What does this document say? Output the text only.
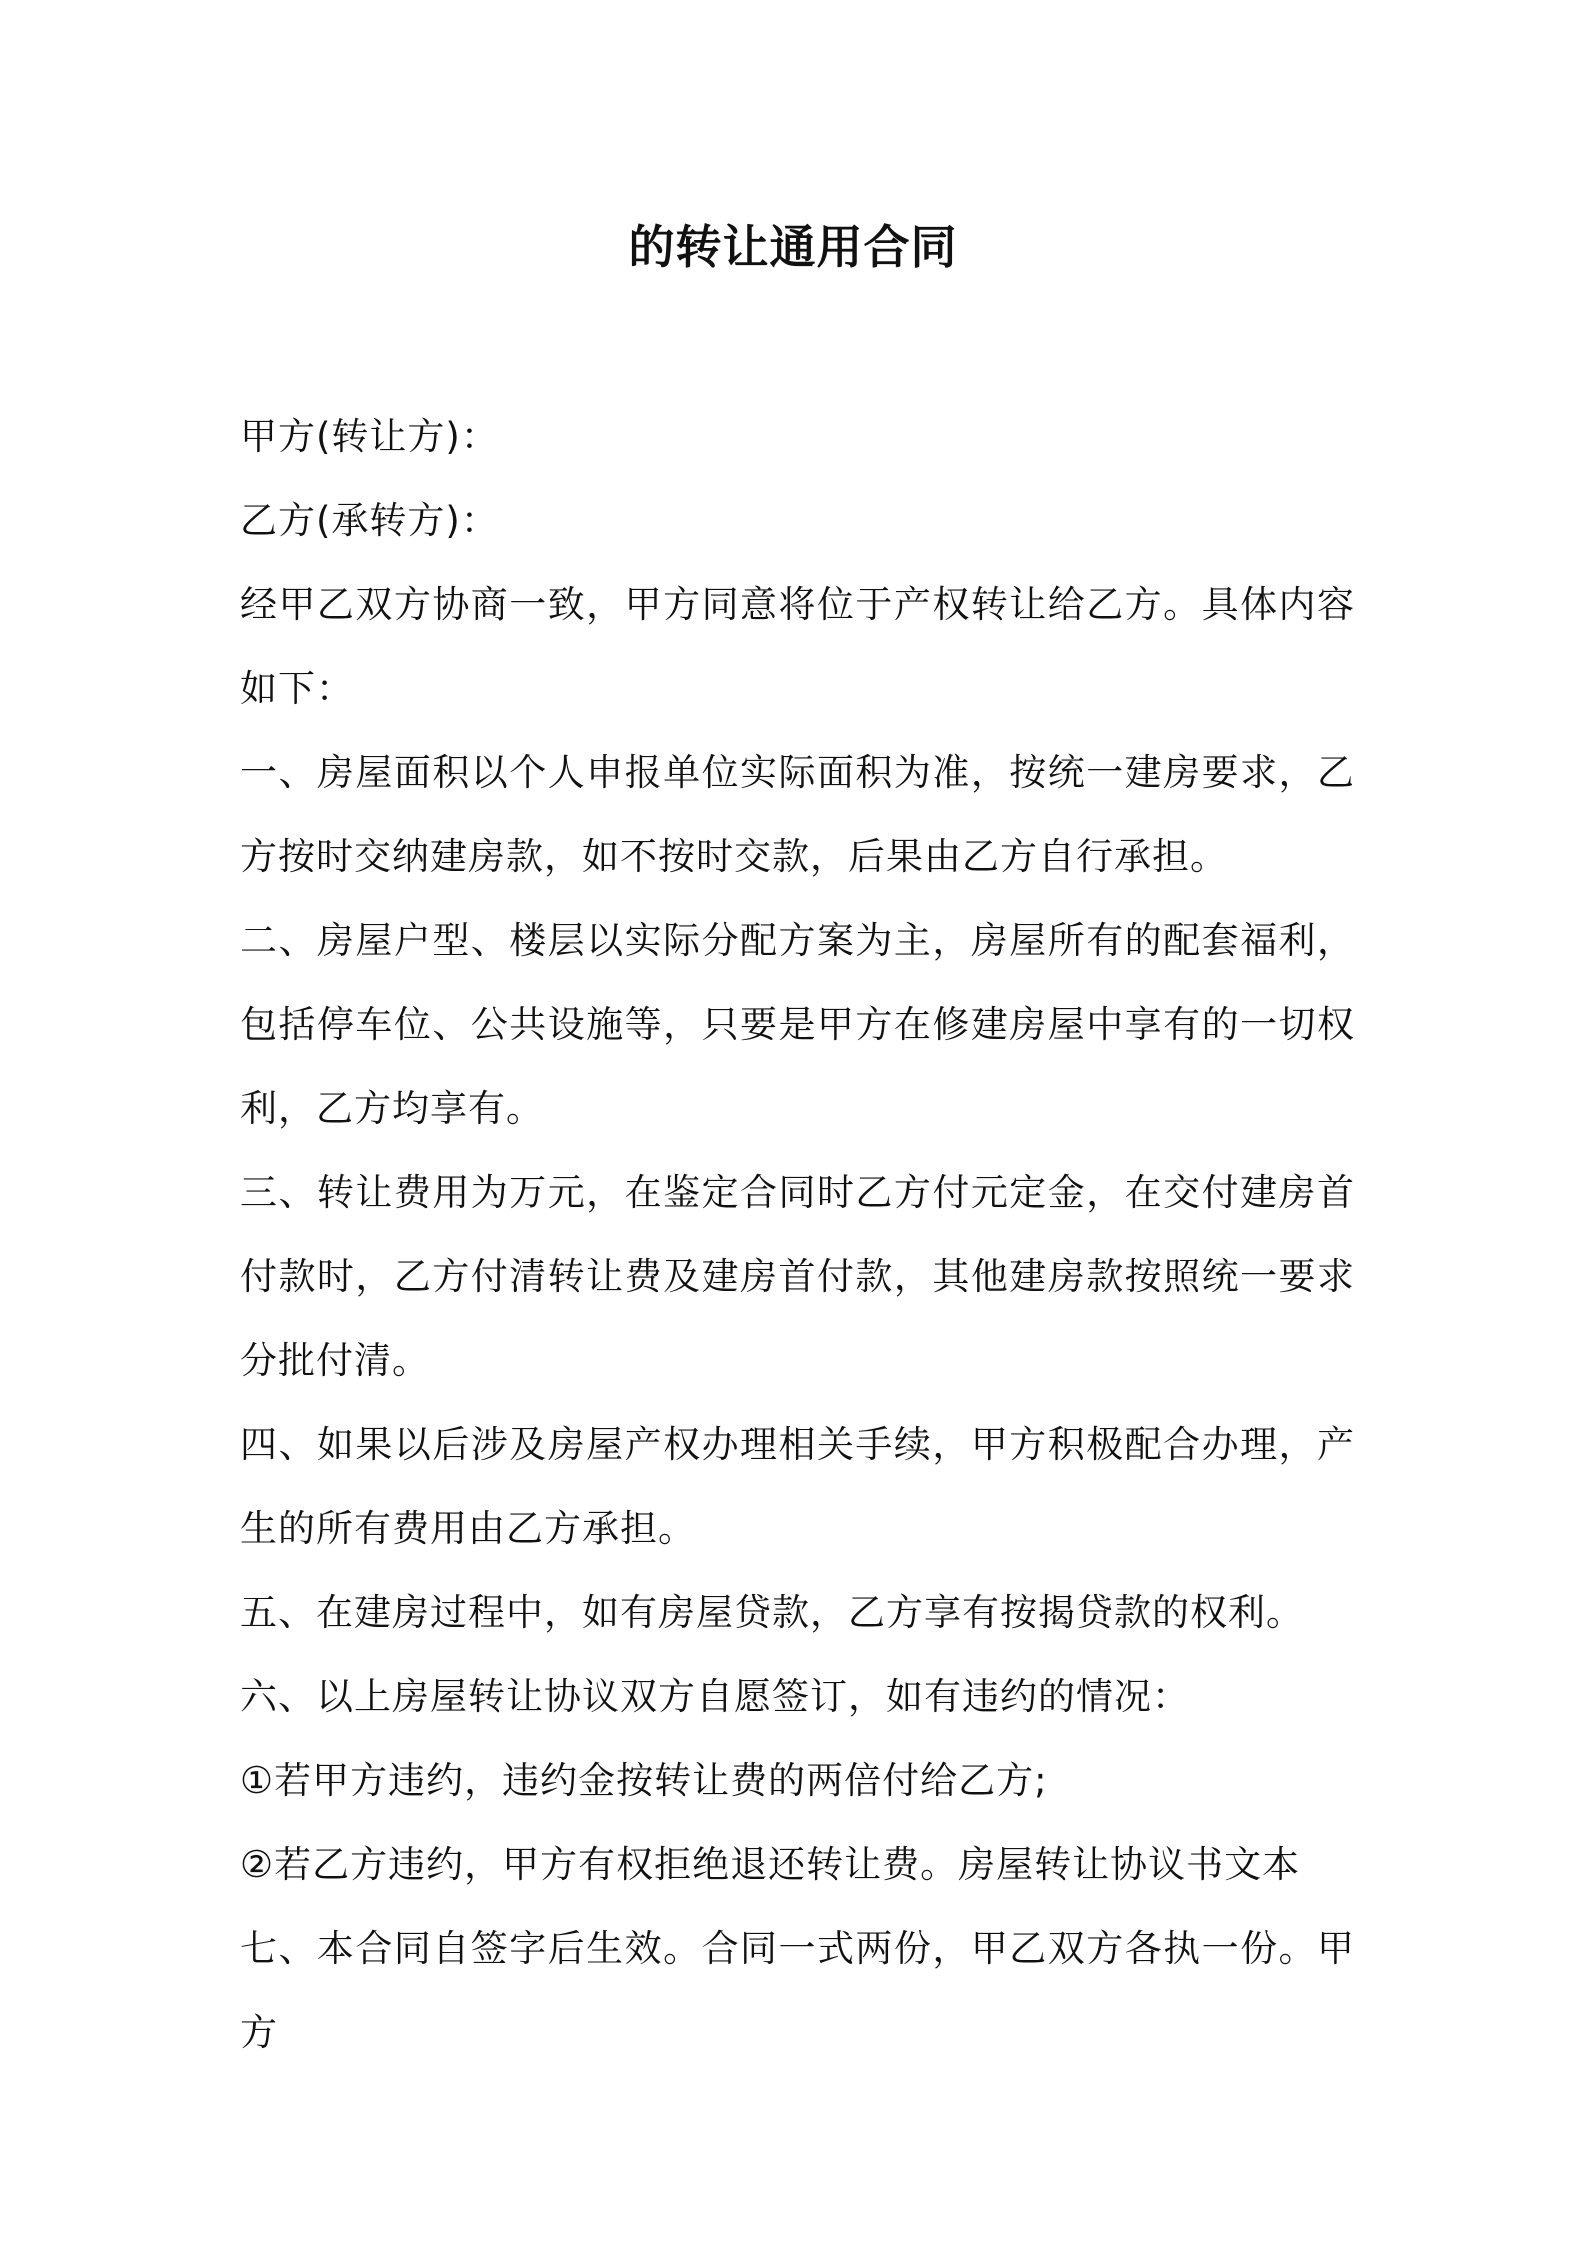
的转让通用合同

甲方(转让方)：

乙方(承转方)：

经甲乙双方协商一致，甲方同意将位于产权转让给乙方。具体内容如下：

一、房屋面积以个人申报单位实际面积为准，按统一建房要求，乙方按时交纳建房款，如不按时交款，后果由乙方自行承担。

二、房屋户型、楼层以实际分配方案为主，房屋所有的配套福利，包括停车位、公共设施等，只要是甲方在修建房屋中享有的一切权利，乙方均享有。

三、转让费用为万元，在鉴定合同时乙方付元定金，在交付建房首付款时，乙方付清转让费及建房首付款，其他建房款按照统一要求分批付清。

四、如果以后涉及房屋产权办理相关手续，甲方积极配合办理，产生的所有费用由乙方承担。

五、在建房过程中，如有房屋贷款，乙方享有按揭贷款的权利。

六、以上房屋转让协议双方自愿签订，如有违约的情况：

①若甲方违约，违约金按转让费的两倍付给乙方;

②若乙方违约，甲方有权拒绝退还转让费。房屋转让协议书文本

七、本合同自签字后生效。合同一式两份，甲乙双方各执一份。甲方
